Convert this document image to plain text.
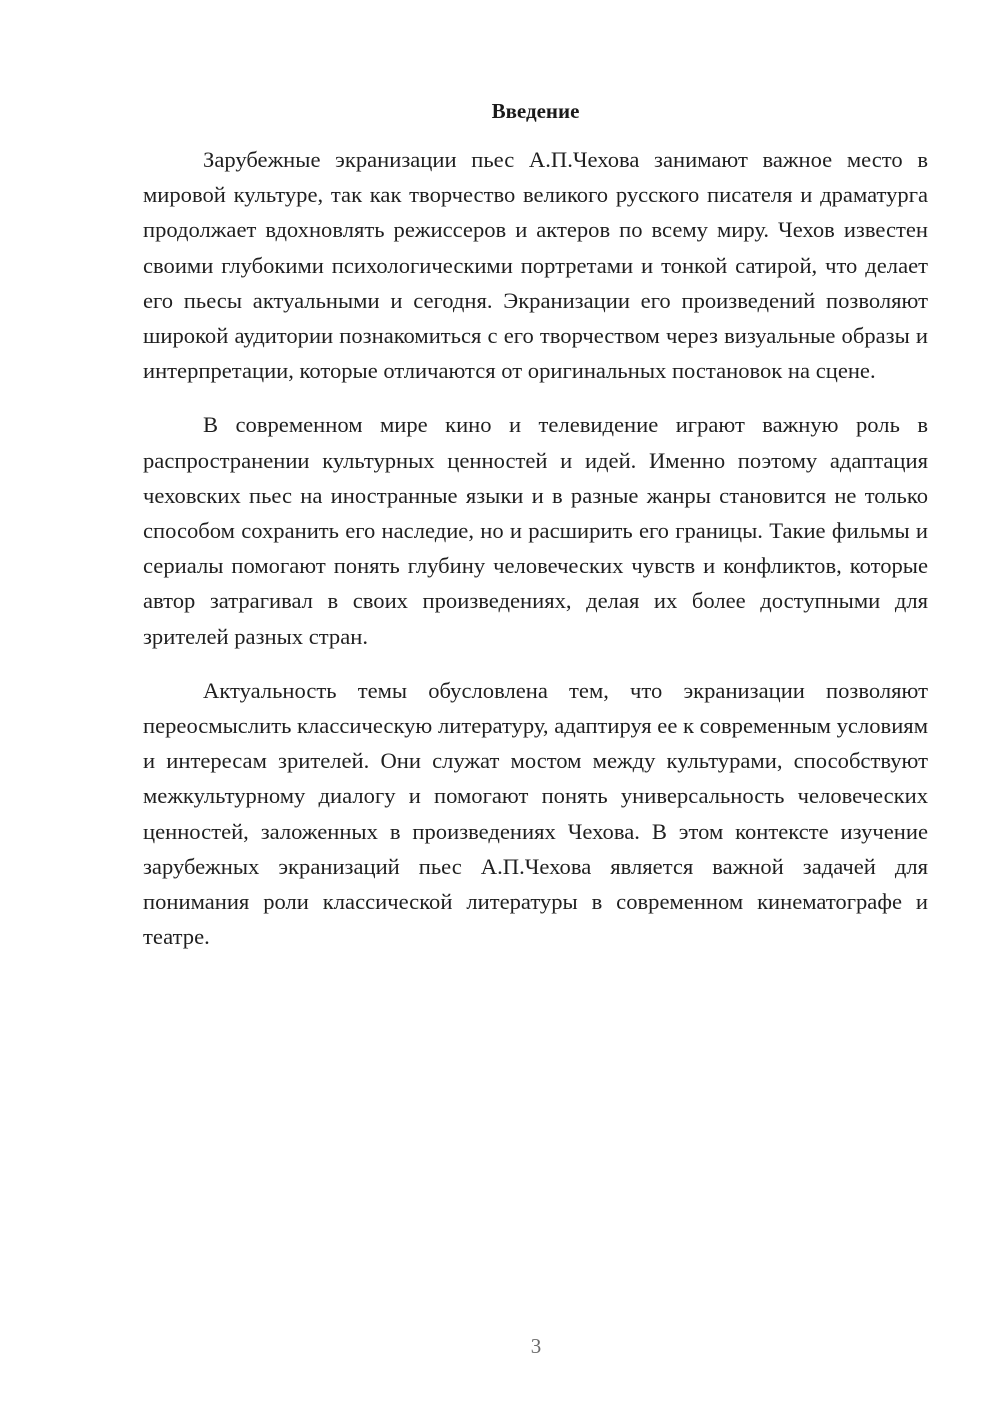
Введение

Зарубежные экранизации пьес А.П.Чехова занимают важное место в мировой культуре, так как творчество великого русского писателя и драматурга продолжает вдохновлять режиссеров и актеров по всему миру. Чехов известен своими глубокими психологическими портретами и тонкой сатирой, что делает его пьесы актуальными и сегодня. Экранизации его произведений позволяют широкой аудитории познакомиться с его творчеством через визуальные образы и интерпретации, которые отличаются от оригинальных постановок на сцене.

В современном мире кино и телевидение играют важную роль в распространении культурных ценностей и идей. Именно поэтому адаптация чеховских пьес на иностранные языки и в разные жанры становится не только способом сохранить его наследие, но и расширить его границы. Такие фильмы и сериалы помогают понять глубину человеческих чувств и конфликтов, которые автор затрагивал в своих произведениях, делая их более доступными для зрителей разных стран.

Актуальность темы обусловлена тем, что экранизации позволяют переосмыслить классическую литературу, адаптируя ее к современным условиям и интересам зрителей. Они служат мостом между культурами, способствуют межкультурному диалогу и помогают понять универсальность человеческих ценностей, заложенных в произведениях Чехова. В этом контексте изучение зарубежных экранизаций пьес А.П.Чехова является важной задачей для понимания роли классической литературы в современном кинематографе и театре.

3
